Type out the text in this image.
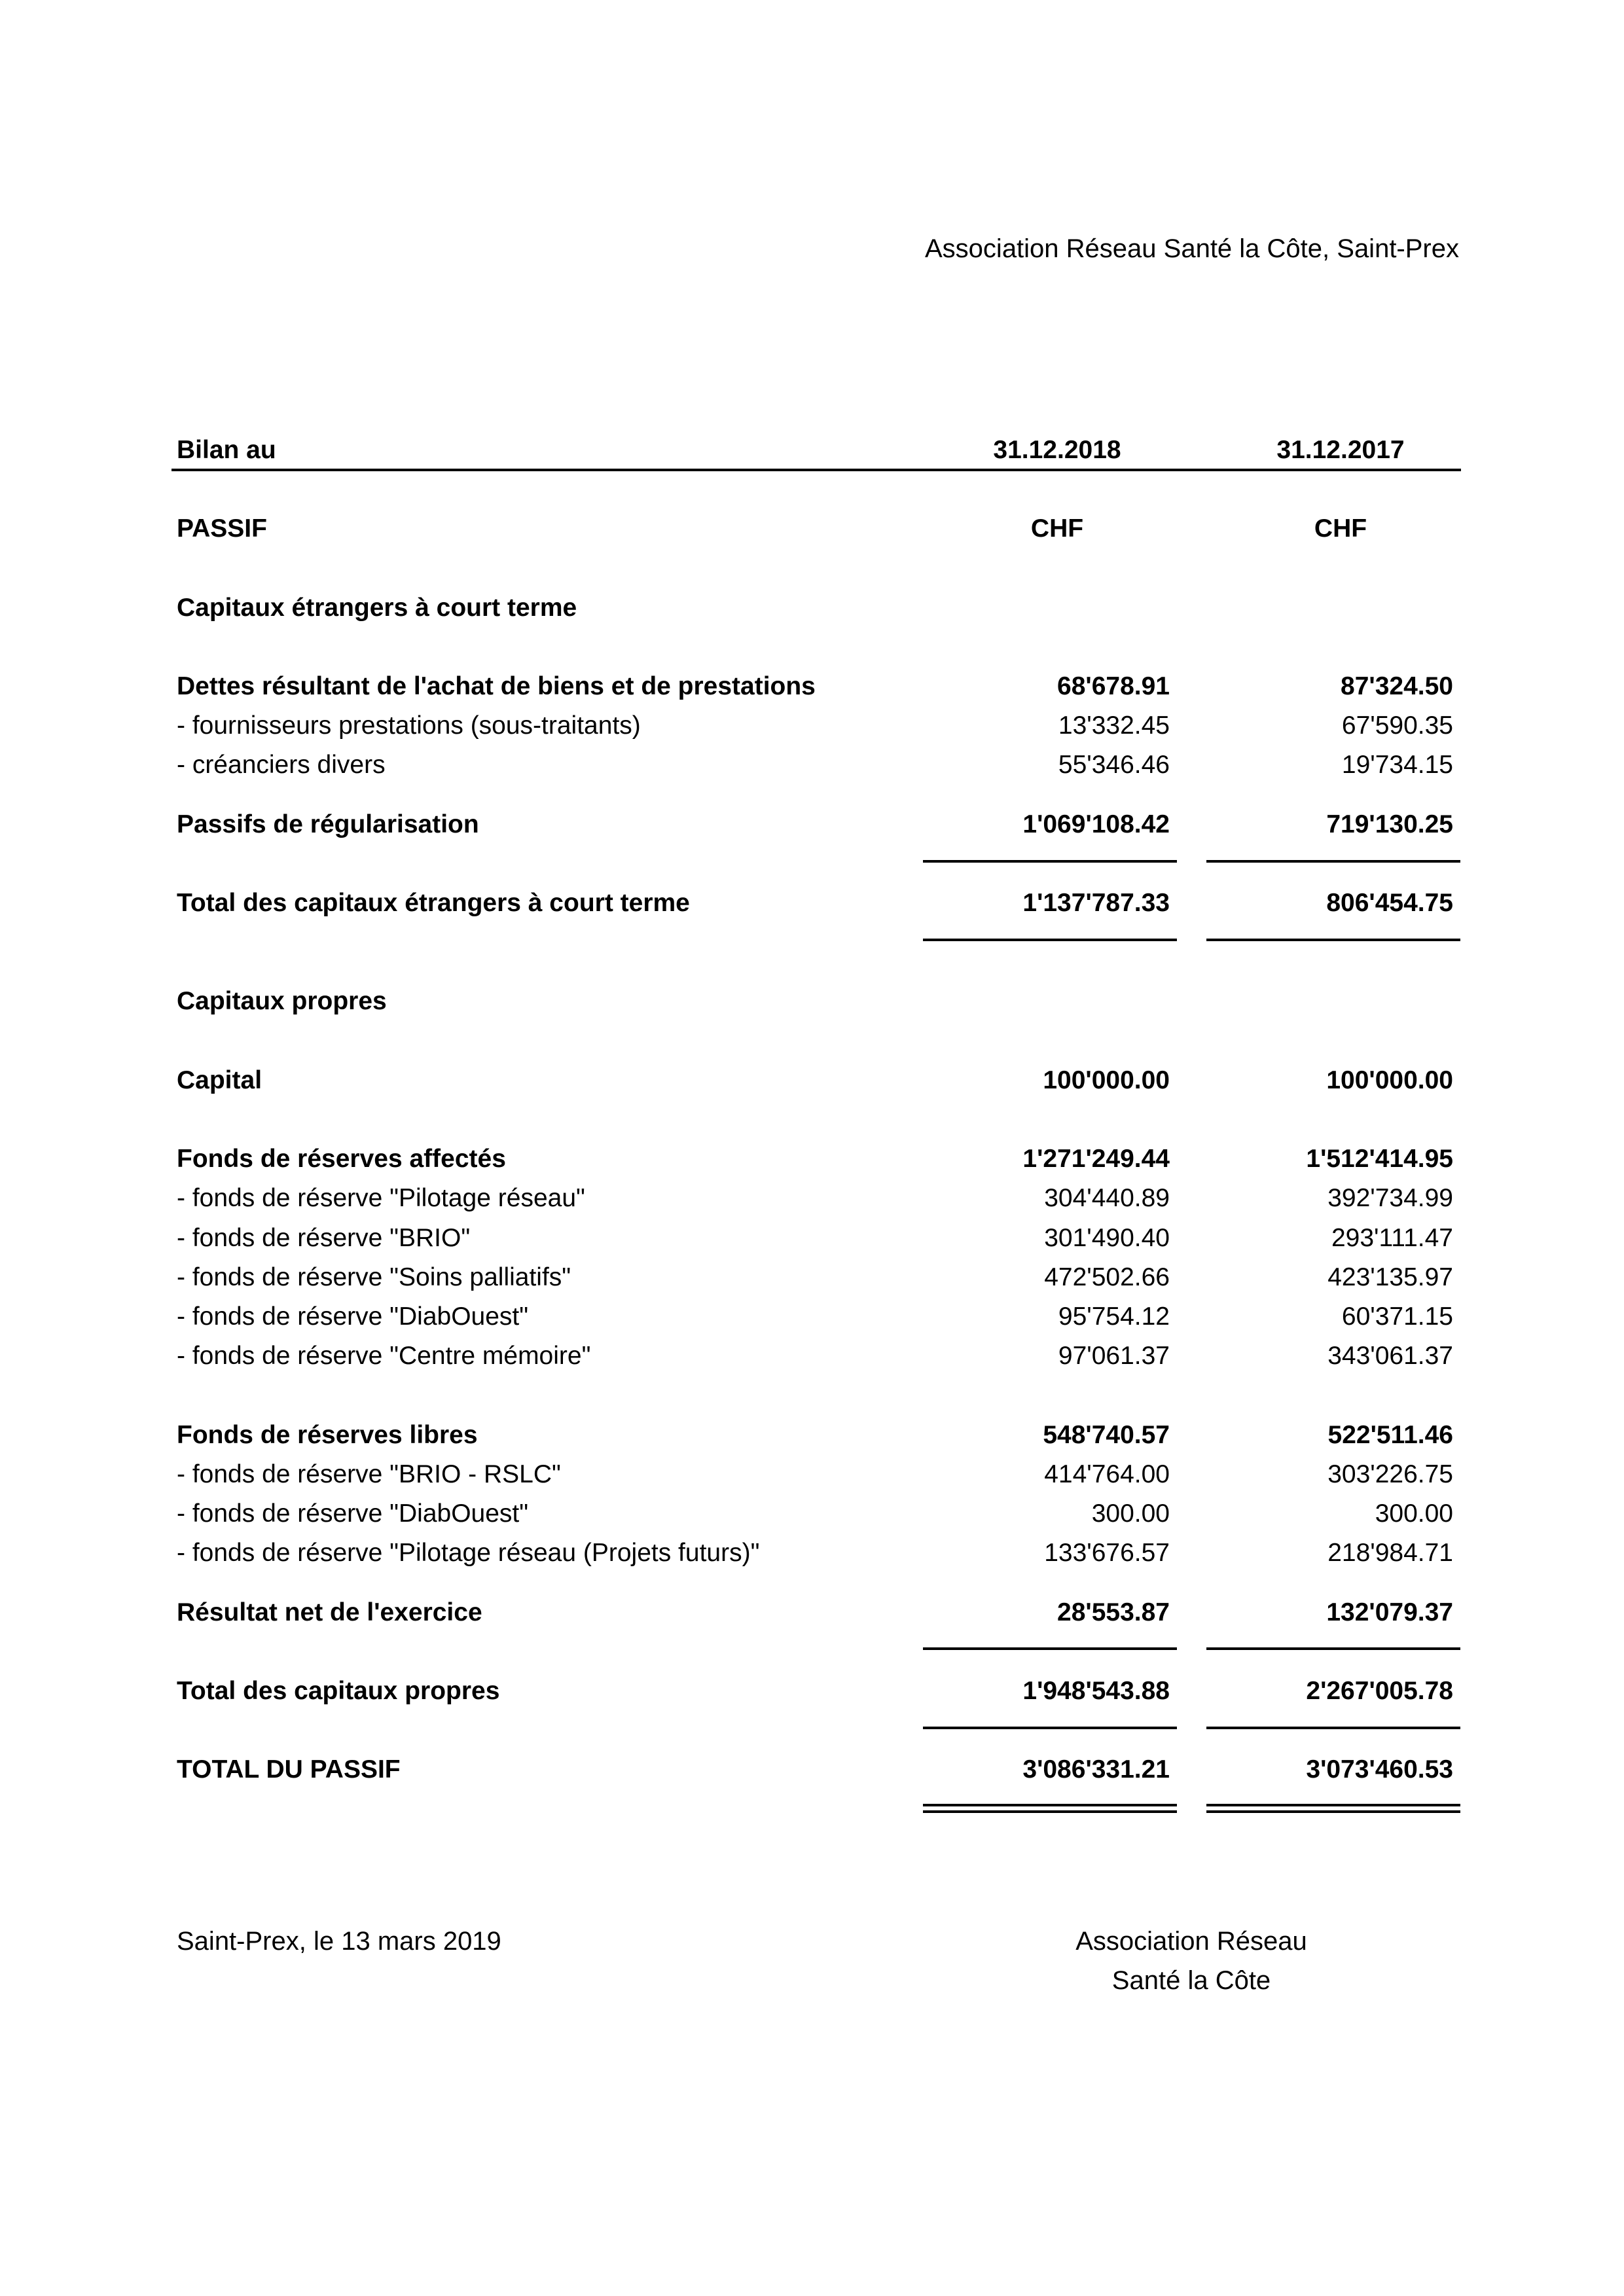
Association Réseau Santé la Côte, Saint-Prex
Bilan au	31.12.2018	31.12.2017
PASSIF	CHF	CHF
Capitaux étrangers à court terme
Dettes résultant de l'achat de biens et de prestations	68'678.91	87'324.50
- fournisseurs prestations (sous-traitants)	13'332.45	67'590.35
- créanciers divers	55'346.46	19'734.15
Passifs de régularisation	1'069'108.42	719'130.25
Total des capitaux étrangers à court terme	1'137'787.33	806'454.75
Capitaux propres
Capital	100'000.00	100'000.00
Fonds de réserves affectés	1'271'249.44	1'512'414.95
- fonds de réserve "Pilotage réseau"	304'440.89	392'734.99
- fonds de réserve "BRIO"	301'490.40	293'111.47
- fonds de réserve "Soins palliatifs"	472'502.66	423'135.97
- fonds de réserve "DiabOuest"	95'754.12	60'371.15
- fonds de réserve "Centre mémoire"	97'061.37	343'061.37
Fonds de réserves libres	548'740.57	522'511.46
- fonds de réserve "BRIO - RSLC"	414'764.00	303'226.75
- fonds de réserve "DiabOuest"	300.00	300.00
- fonds de réserve "Pilotage réseau (Projets futurs)"	133'676.57	218'984.71
Résultat net de l'exercice	28'553.87	132'079.37
Total des capitaux propres	1'948'543.88	2'267'005.78
TOTAL DU PASSIF	3'086'331.21	3'073'460.53
Saint-Prex, le 13 mars 2019	Association Réseau
Santé la Côte
